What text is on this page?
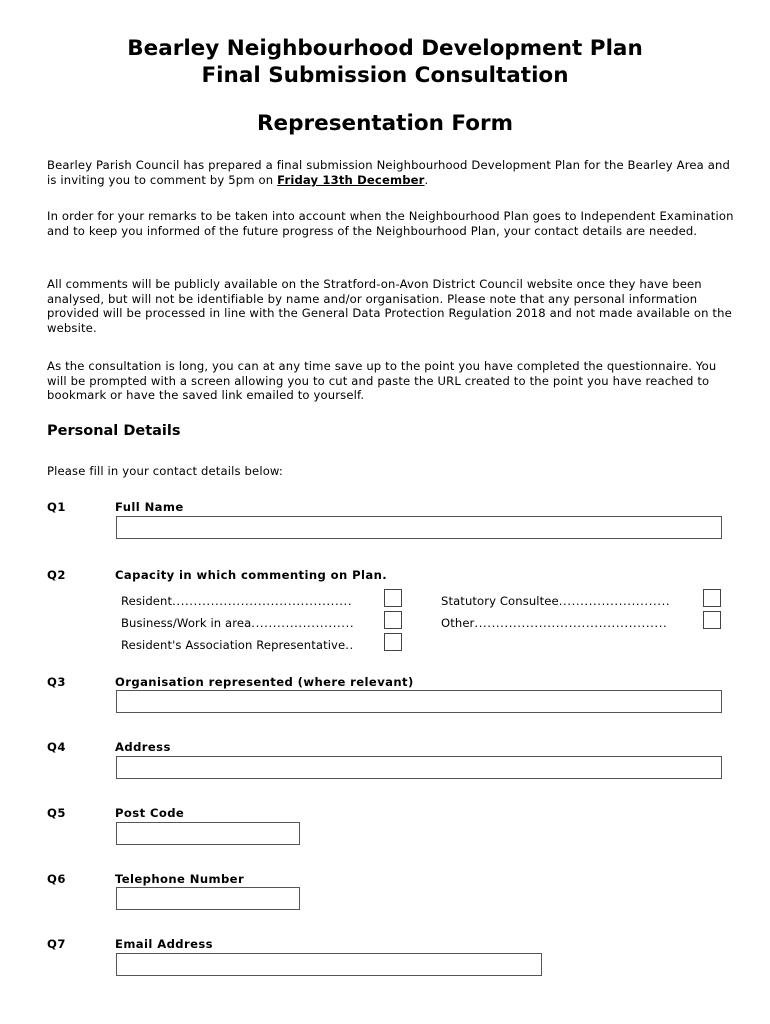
Bearley Neighbourhood Development Plan
Final Submission Consultation
Representation Form

Bearley Parish Council has prepared a final submission Neighbourhood Development Plan for the Bearley Area and is inviting you to comment by 5pm on Friday 13th December.

In order for your remarks to be taken into account when the Neighbourhood Plan goes to Independent Examination and to keep you informed of the future progress of the Neighbourhood Plan, your contact details are needed.

All comments will be publicly available on the Stratford-on-Avon District Council website once they have been analysed, but will not be identifiable by name and/or organisation. Please note that any personal information provided will be processed in line with the General Data Protection Regulation 2018 and not made available on the website.

As the consultation is long, you can at any time save up to the point you have completed the questionnaire. You will be prompted with a screen allowing you to cut and paste the URL created to the point you have reached to bookmark or have the saved link emailed to yourself.

Personal Details

Please fill in your contact details below:

Q1	Full Name
Q2	Capacity in which commenting on Plan.
Resident..........................................
Business/Work in area........................
Resident's Association Representative..
Statutory Consultee..........................
Other.............................................
Q3	Organisation represented (where relevant)
Q4	Address
Q5	Post Code
Q6	Telephone Number
Q7	Email Address
